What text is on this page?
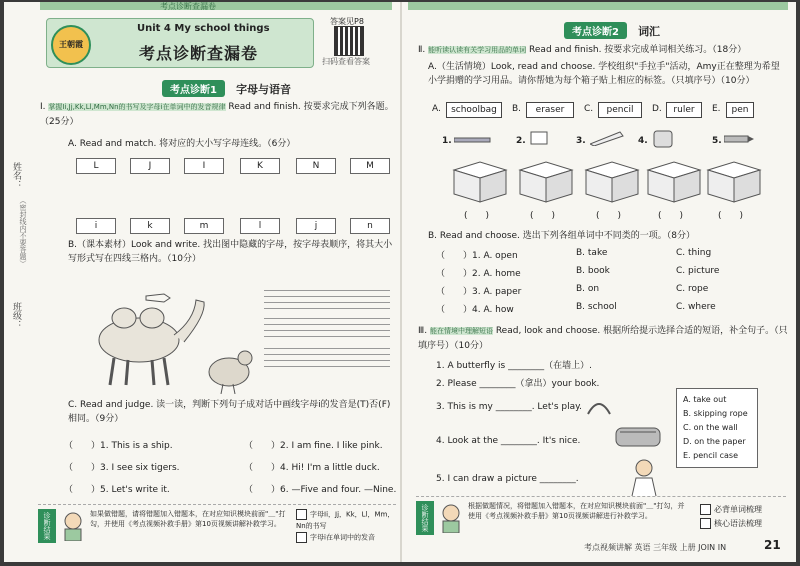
姓名：
（密封线内不要答题）
班级：
考点诊断查漏卷
王朝霞
Unit 4 My school things
考点诊断查漏卷
答案见P8
扫码查看答案
考点诊断1 字母与语音
Ⅰ. 掌握Ii,Jj,Kk,Ll,Mm,Nn的书写及字母i在单词中的发音规律 Read and finish. 按要求完成下列各题。（25分）
A. Read and match. 将对应的大小写字母连线。（6分）
L	J	I	K	N	M
i	k	m	l	j	n
B.（课本素材）Look and write. 找出图中隐藏的字母，按字母表顺序，将其大小写形式写在四线三格内。（10分）
C. Read and judge. 读一读，判断下列句子成对话中画线字母i的发音是(T)否(F)相同。（9分）
（　　）1. This is a ship.	（　　）2. I am fine. I like pink.
（　　）3. I see six tigers.	（　　）4. Hi! I'm a little duck.
（　　）5. Let's write it.	（　　）6. —Five and four. —Nine.
诊断结果	如果做错题，请将错题加入错题本，在对应知识模块前面"＿"打勾，并使用《考点视频补救手册》第10页视频讲解补救学习。
字母Ii，Jj，Kk，Ll，Mm，Nn的书写
字母i在单词中的发音
考点诊断2 词汇
Ⅱ. 能听读认读有关学习用品的单词 Read and finish. 按要求完成单词相关练习。（18分）
A.（生活情境）Look, read and choose. 学校组织"手拉手"活动，Amy正在整理为希望小学捐赠的学习用品。请你帮她为每个箱子贴上相应的标签。（只填序号）（10分）
A.	schoolbag	B.	eraser	C.	pencil	D.	ruler	E.	pen
1.	2.	3.	4.	5.
(　　)	(　　)	(　　)	(　　)	(　　)
B. Read and choose. 选出下列各组单词中不同类的一项。（8分）
（　　）1. A. open	B. take	C. thing
（　　）2. A. home	B. book	C. picture
（　　）3. A. paper	B. on	C. rope
（　　）4. A. how	B. school	C. where
Ⅲ. 能在情境中理解短语 Read, look and choose. 根据所给提示选择合适的短语，补全句子。（只填序号）（10分）
1. A butterfly is ________（在墙上）.
2. Please ________（拿出）your book.
3. This is my ________. Let's play.
4. Look at the ________. It's nice.
5. I can draw a picture ________.
A. take out
B. skipping rope
C. on the wall
D. on the paper
E. pencil case
诊断结果	根据做题情况，将错题加入错题本，在对应知识模块前面"＿"打勾，并使用《考点视频补救手册》第10页视频讲解进行补救学习。
必背单词梳理
核心语法梳理
考点视频讲解 英语 三年级 上册 JOIN IN	21
